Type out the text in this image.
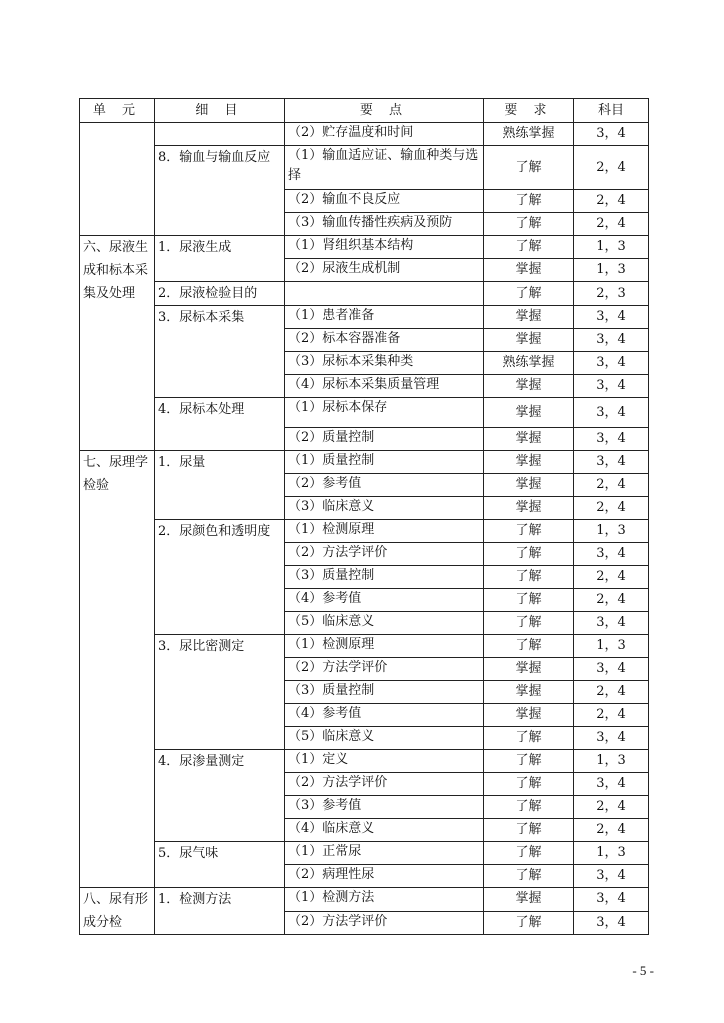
单 元	细 目	要 点	要 求	科目
		（2）贮存温度和时间	熟练掌握	3，4
	8．输血与输血反应	（1）输血适应证、输血种类与选择	了解	2，4
		（2）输血不良反应	了解	2，4
		（3）输血传播性疾病及预防	了解	2，4
六、尿液生成和标本采集及处理	1．尿液生成	（1）肾组织基本结构	了解	1，3
		（2）尿液生成机制	掌握	1，3
	2．尿液检验目的		了解	2，3
	3．尿标本采集	（1）患者准备	掌握	3，4
		（2）标本容器准备	掌握	3，4
		（3）尿标本采集种类	熟练掌握	3，4
		（4）尿标本采集质量管理	掌握	3，4
	4．尿标本处理	（1）尿标本保存	掌握	3，4
		（2）质量控制	掌握	3，4
七、尿理学检验	1．尿量	（1）质量控制	掌握	3，4
		（2）参考值	掌握	2，4
		（3）临床意义	掌握	2，4
	2．尿颜色和透明度	（1）检测原理	了解	1，3
		（2）方法学评价	了解	3，4
		（3）质量控制	了解	2，4
		（4）参考值	了解	2，4
		（5）临床意义	了解	3，4
	3．尿比密测定	（1）检测原理	了解	1，3
		（2）方法学评价	掌握	3，4
		（3）质量控制	掌握	2，4
		（4）参考值	掌握	2，4
		（5）临床意义	了解	3，4
	4．尿渗量测定	（1）定义	了解	1，3
		（2）方法学评价	了解	3，4
		（3）参考值	了解	2，4
		（4）临床意义	了解	2，4
	5．尿气味	（1）正常尿	了解	1，3
		（2）病理性尿	了解	3，4
八、尿有形成分检	1．检测方法	（1）检测方法	掌握	3，4
		（2）方法学评价	了解	3，4
- 5 -
